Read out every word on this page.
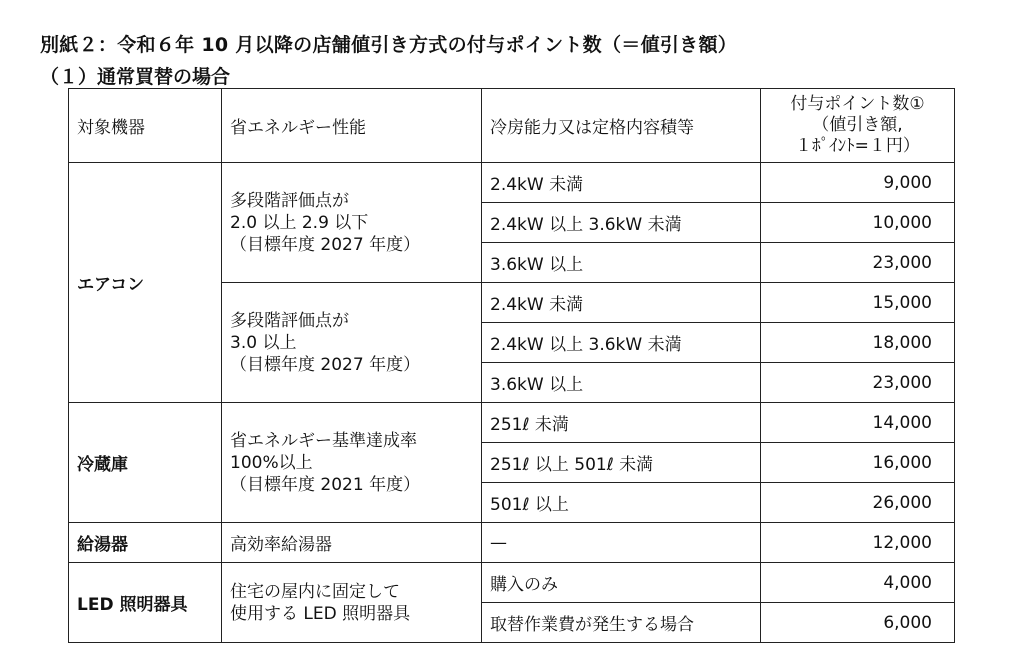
別紙２：令和６年 10 月以降の店舗値引き方式の付与ポイント数（＝値引き額）
（１）通常買替の場合
対象機器	省エネルギー性能	冷房能力又は定格内容積等	付与ポイント数①
（値引き額,
１ﾎﾟｲﾝﾄ=１円）

エアコン	多段階評価点が
2.0 以上 2.9 以下
（目標年度 2027 年度）	2.4kW 未満	9,000
		2.4kW 以上 3.6kW 未満	10,000
		3.6kW 以上	23,000

	多段階評価点が
3.0 以上
（目標年度 2027 年度）	2.4kW 未満	15,000
		2.4kW 以上 3.6kW 未満	18,000
		3.6kW 以上	23,000
冷蔵庫	省エネルギー基準達成率
100%以上
（目標年度 2021 年度）	251ℓ 未満	14,000
		251ℓ 以上 501ℓ 未満	16,000
		501ℓ 以上	26,000
給湯器	高効率給湯器	—	12,000
LED 照明器具	住宅の屋内に固定して
使用する LED 照明器具	購入のみ	4,000
		取替作業費が発生する場合	6,000
